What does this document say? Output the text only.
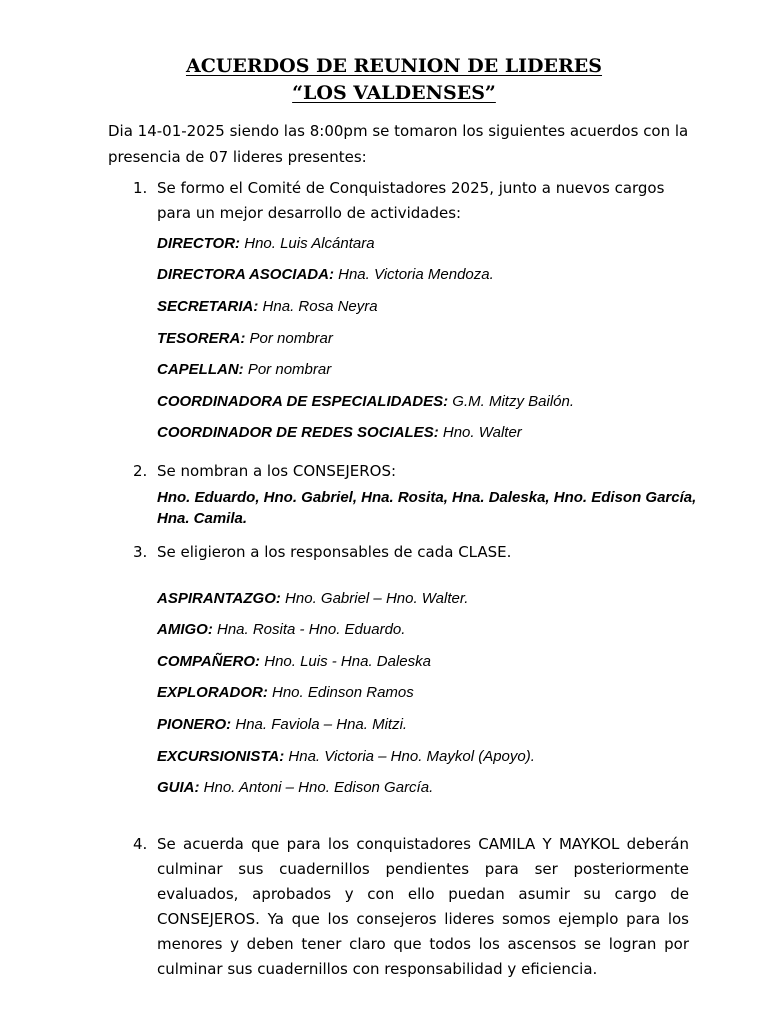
ACUERDOS DE REUNION DE LIDERES
“LOS VALDENSES”

Dia 14-01-2025 siendo las 8:00pm se tomaron los siguientes acuerdos con la presencia de 07 lideres presentes:

1. Se formo el Comité de Conquistadores 2025, junto a nuevos cargos para un mejor desarrollo de actividades:

DIRECTOR: Hno. Luis Alcántara

DIRECTORA ASOCIADA: Hna. Victoria Mendoza.

SECRETARIA: Hna. Rosa Neyra

TESORERA: Por nombrar

CAPELLAN: Por nombrar

COORDINADORA DE ESPECIALIDADES: G.M. Mitzy Bailón.

COORDINADOR DE REDES SOCIALES: Hno. Walter

2. Se nombran a los CONSEJEROS:

Hno. Eduardo, Hno. Gabriel, Hna. Rosita, Hna. Daleska, Hno. Edison García, Hna. Camila.

3. Se eligieron a los responsables de cada CLASE.

ASPIRANTAZGO: Hno. Gabriel – Hno. Walter.

AMIGO: Hna. Rosita - Hno. Eduardo.

COMPAÑERO: Hno. Luis - Hna. Daleska

EXPLORADOR: Hno. Edinson Ramos

PIONERO: Hna. Faviola – Hna. Mitzi.

EXCURSIONISTA: Hna. Victoria – Hno. Maykol (Apoyo).

GUIA: Hno. Antoni – Hno. Edison García.

4. Se acuerda que para los conquistadores CAMILA Y MAYKOL deberán culminar sus cuadernillos pendientes para ser posteriormente evaluados, aprobados y con ello puedan asumir su cargo de CONSEJEROS. Ya que los consejeros lideres somos ejemplo para los menores y deben tener claro que todos los ascensos se logran por culminar sus cuadernillos con responsabilidad y eficiencia.
